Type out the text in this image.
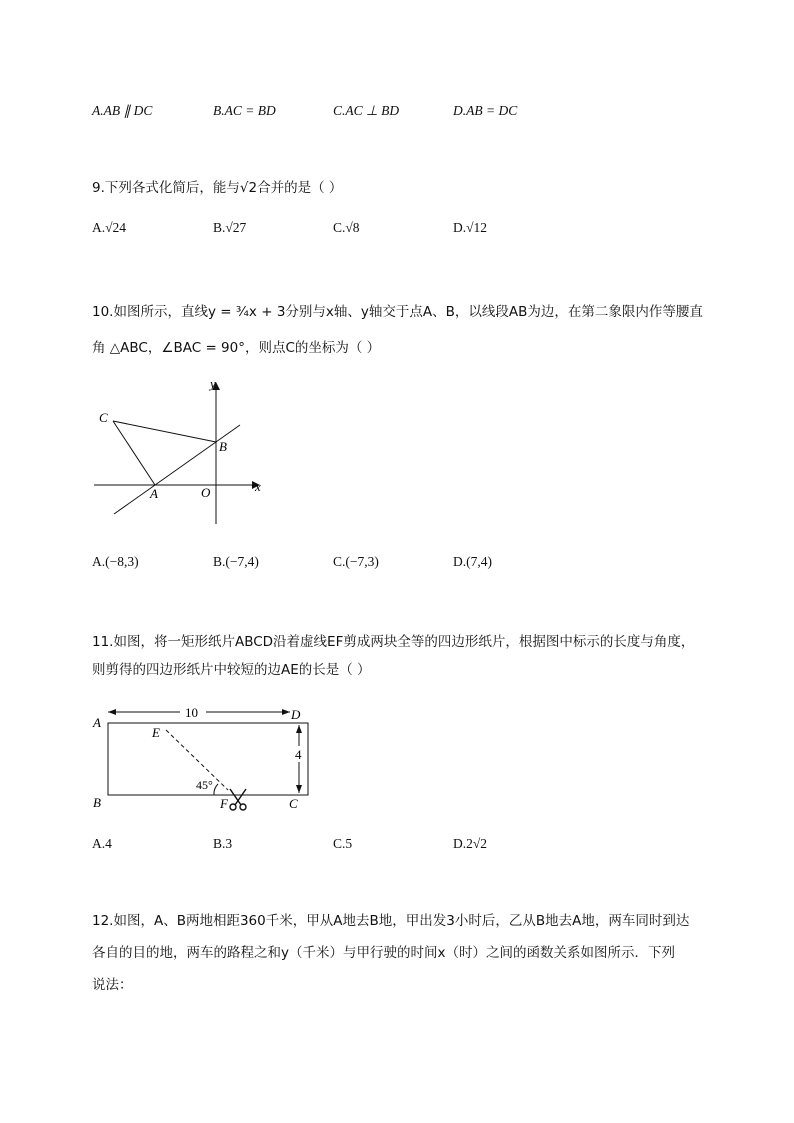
A.AB ∥ DC	B.AC = BD	C.AC ⊥ BD	D.AB = DC
9.下列各式化简后，能与√2合并的是（ ）
A.√24	B.√27	C.√8	D.√12
10.如图所示，直线y = ¾x + 3分别与x轴、y轴交于点A、B，以线段AB为边，在第二象限内作等腰直
角 △ABC，∠BAC = 90°，则点C的坐标为（ ）
y
x
C
B
A	O
A.(−8,3)	B.(−7,4)	C.(−7,3)	D.(7,4)
11.如图，将一矩形纸片ABCD沿着虚线EF剪成两块全等的四边形纸片，根据图中标示的长度与角度，
则剪得的四边形纸片中较短的边AE的长是（ ）
10
4
45°
A
D
B	C
E
F
A.4	B.3	C.5	D.2√2
12.如图，A、B两地相距360千米，甲从A地去B地，甲出发3小时后，乙从B地去A地，两车同时到达
各自的目的地，两车的路程之和y（千米）与甲行驶的时间x（时）之间的函数关系如图所示．下列
说法：
